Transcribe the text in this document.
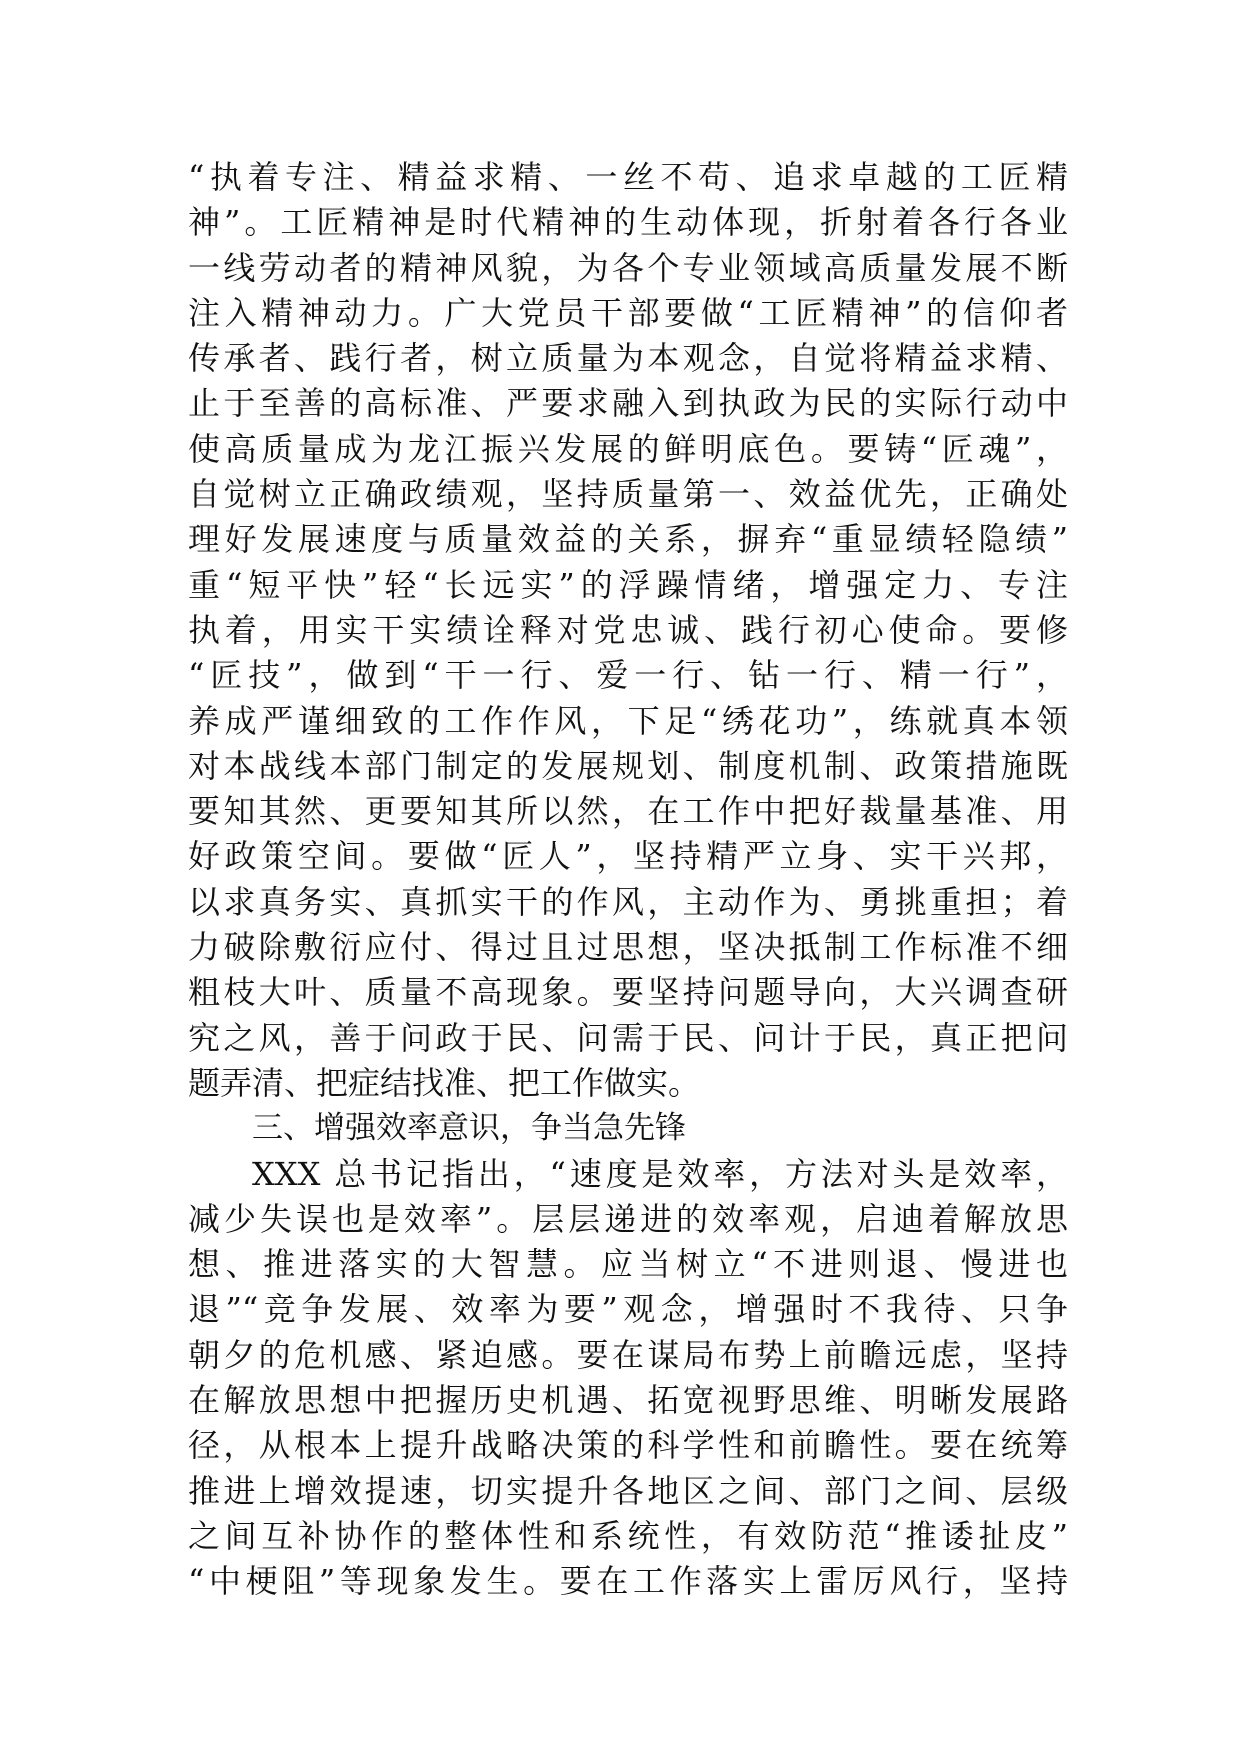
“执着专注、精益求精、一丝不苟、追求卓越的工匠精
神”。工匠精神是时代精神的生动体现，折射着各行各业
一线劳动者的精神风貌，为各个专业领域高质量发展不断
注入精神动力。广大党员干部要做“工匠精神”的信仰者
传承者、践行者，树立质量为本观念，自觉将精益求精、
止于至善的高标准、严要求融入到执政为民的实际行动中
使高质量成为龙江振兴发展的鲜明底色。要铸“匠魂”，
自觉树立正确政绩观，坚持质量第一、效益优先，正确处
理好发展速度与质量效益的关系，摒弃“重显绩轻隐绩”
重“短平快”轻“长远实”的浮躁情绪，增强定力、专注
执着，用实干实绩诠释对党忠诚、践行初心使命。要修
“匠技”，做到“干一行、爱一行、钻一行、精一行”，
养成严谨细致的工作作风，下足“绣花功”，练就真本领
对本战线本部门制定的发展规划、制度机制、政策措施既
要知其然、更要知其所以然，在工作中把好裁量基准、用
好政策空间。要做“匠人”，坚持精严立身、实干兴邦，
以求真务实、真抓实干的作风，主动作为、勇挑重担；着
力破除敷衍应付、得过且过思想，坚决抵制工作标准不细
粗枝大叶、质量不高现象。要坚持问题导向，大兴调查研
究之风，善于问政于民、问需于民、问计于民，真正把问
题弄清、把症结找准、把工作做实。
三、增强效率意识，争当急先锋
XXX 总书记指出，“速度是效率，方法对头是效率，
减少失误也是效率”。层层递进的效率观，启迪着解放思
想、推进落实的大智慧。应当树立“不进则退、慢进也
退”“竞争发展、效率为要”观念，增强时不我待、只争
朝夕的危机感、紧迫感。要在谋局布势上前瞻远虑，坚持
在解放思想中把握历史机遇、拓宽视野思维、明晰发展路
径，从根本上提升战略决策的科学性和前瞻性。要在统筹
推进上增效提速，切实提升各地区之间、部门之间、层级
之间互补协作的整体性和系统性，有效防范“推诿扯皮”
“中梗阻”等现象发生。要在工作落实上雷厉风行，坚持
